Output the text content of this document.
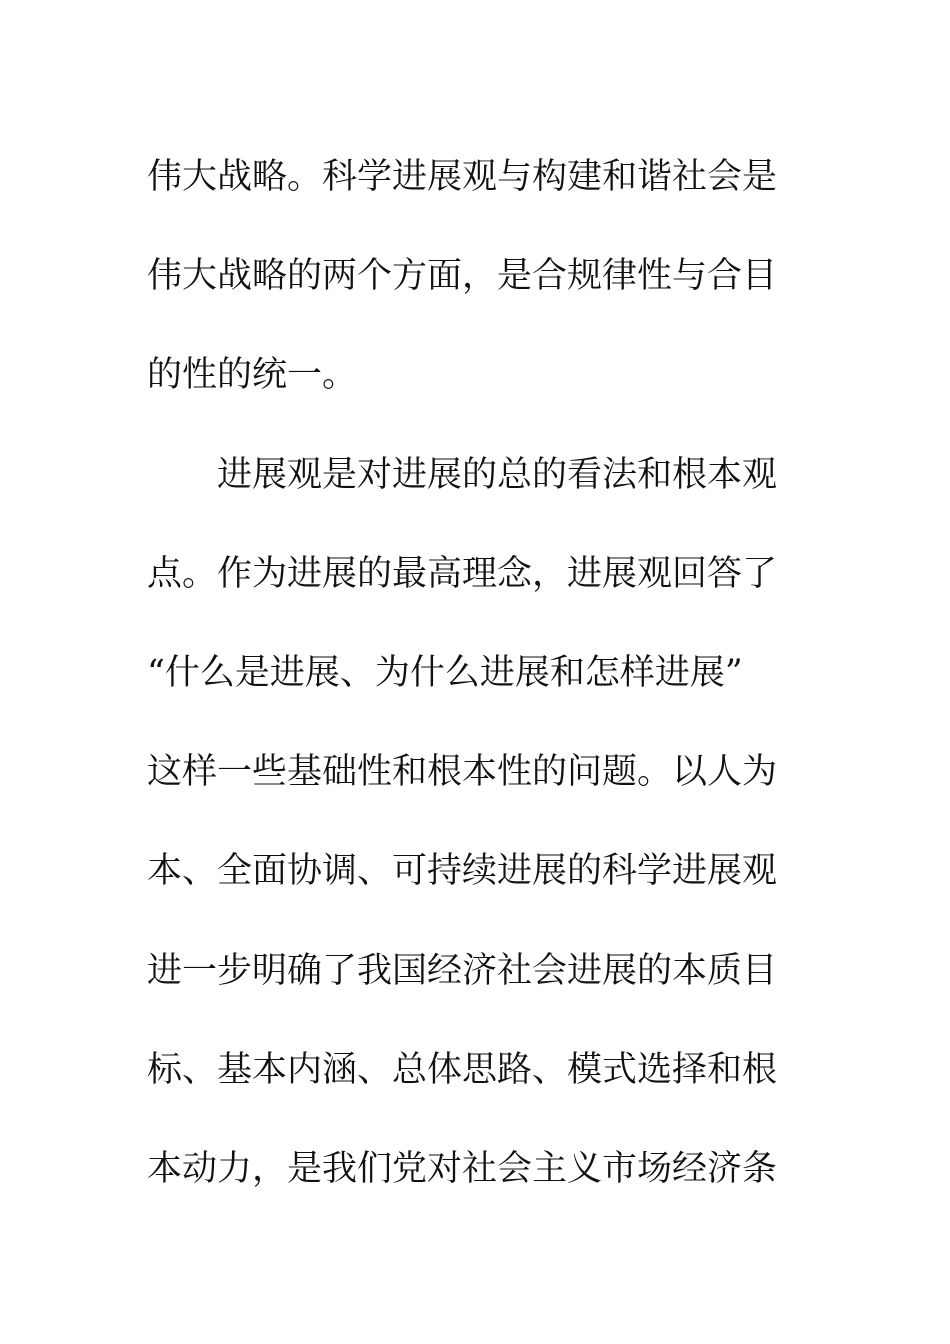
伟大战略。科学进展观与构建和谐社会是
伟大战略的两个方面，是合规律性与合目
的性的统一。
　　进展观是对进展的总的看法和根本观
点。作为进展的最高理念，进展观回答了
“什么是进展、为什么进展和怎样进展”
这样一些基础性和根本性的问题。以人为
本、全面协调、可持续进展的科学进展观
进一步明确了我国经济社会进展的本质目
标、基本内涵、总体思路、模式选择和根
本动力，是我们党对社会主义市场经济条
